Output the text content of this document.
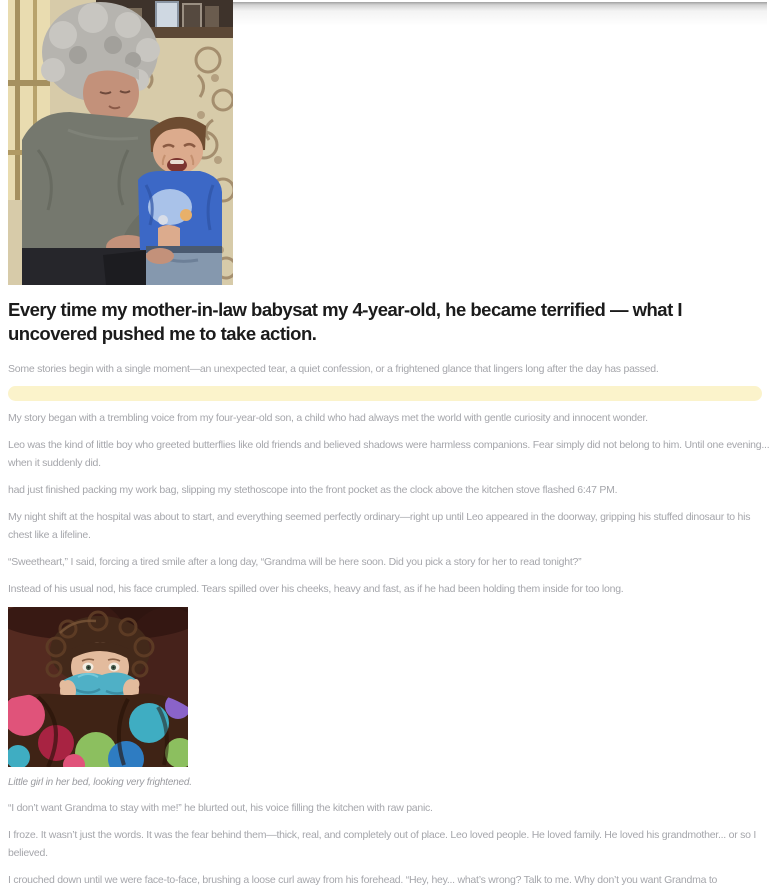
Every time my mother-in-law babysat my 4-year-old, he became terrified — what I uncovered pushed me to take action.

Some stories begin with a single moment—an unexpected tear, a quiet confession, or a frightened glance that lingers long after the day has passed.

My story began with a trembling voice from my four-year-old son, a child who had always met the world with gentle curiosity and innocent wonder.

Leo was the kind of little boy who greeted butterflies like old friends and believed shadows were harmless companions. Fear simply did not belong to him. Until one evening... when it suddenly did.

had just finished packing my work bag, slipping my stethoscope into the front pocket as the clock above the kitchen stove flashed 6:47 PM.

My night shift at the hospital was about to start, and everything seemed perfectly ordinary—right up until Leo appeared in the doorway, gripping his stuffed dinosaur to his chest like a lifeline.

“Sweetheart,” I said, forcing a tired smile after a long day, “Grandma will be here soon. Did you pick a story for her to read tonight?”

Instead of his usual nod, his face crumpled. Tears spilled over his cheeks, heavy and fast, as if he had been holding them inside for too long.

Little girl in her bed, looking very frightened.

“I don’t want Grandma to stay with me!” he blurted out, his voice filling the kitchen with raw panic.

I froze. It wasn’t just the words. It was the fear behind them—thick, real, and completely out of place. Leo loved people. He loved family. He loved his grandmother... or so I believed.

I crouched down until we were face-to-face, brushing a loose curl away from his forehead. “Hey, hey... what’s wrong? Talk to me. Why don’t you want Grandma to
